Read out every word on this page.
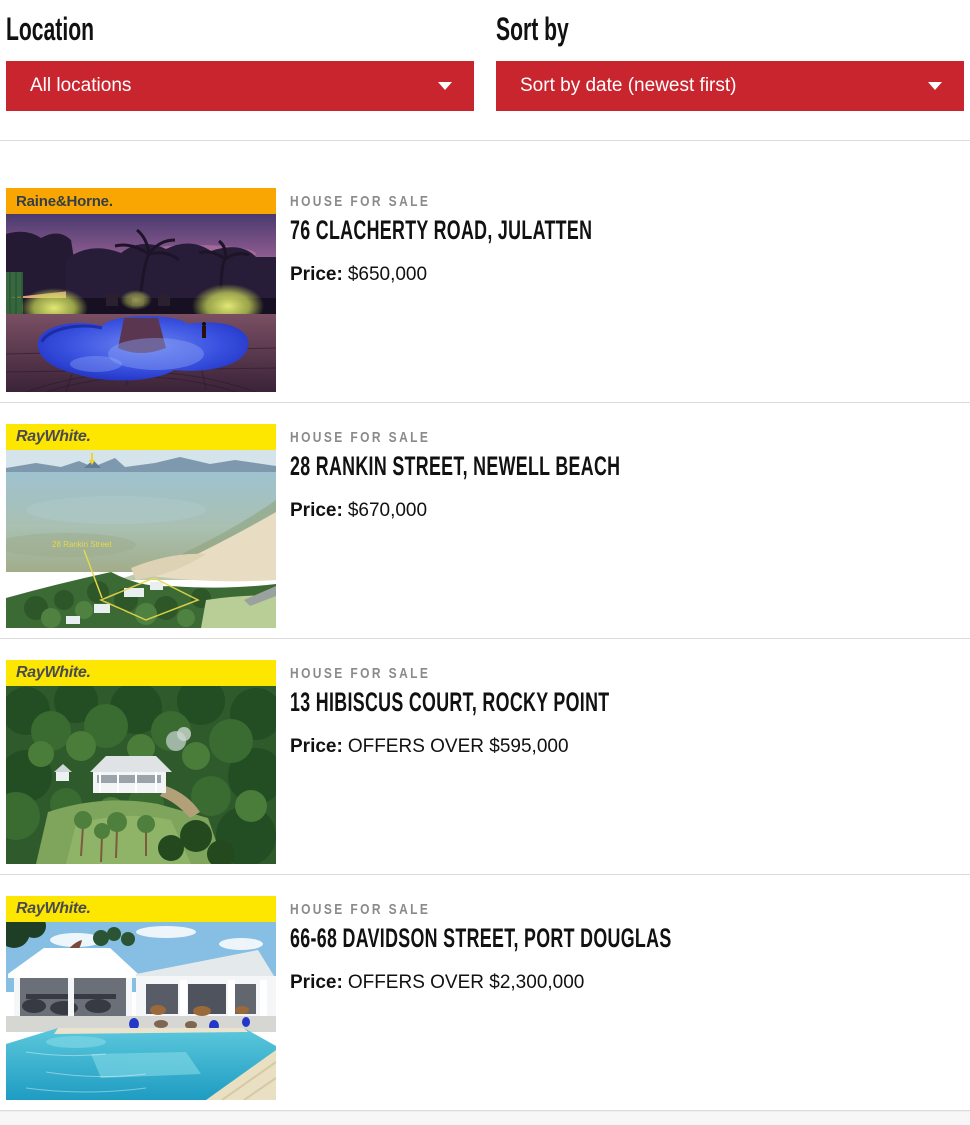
Location
All locations
Sort by
Sort by date (newest first)
Raine&Horne.	HOUSE FOR SALE
76 CLACHERTY ROAD, JULATTEN
Price: $650,000
RayWhite.
28 Rankin Street
HOUSE FOR SALE
28 RANKIN STREET, NEWELL BEACH
Price: $670,000
RayWhite.	HOUSE FOR SALE
13 HIBISCUS COURT, ROCKY POINT
Price: OFFERS OVER $595,000
RayWhite.	HOUSE FOR SALE
66-68 DAVIDSON STREET, PORT DOUGLAS
Price: OFFERS OVER $2,300,000
